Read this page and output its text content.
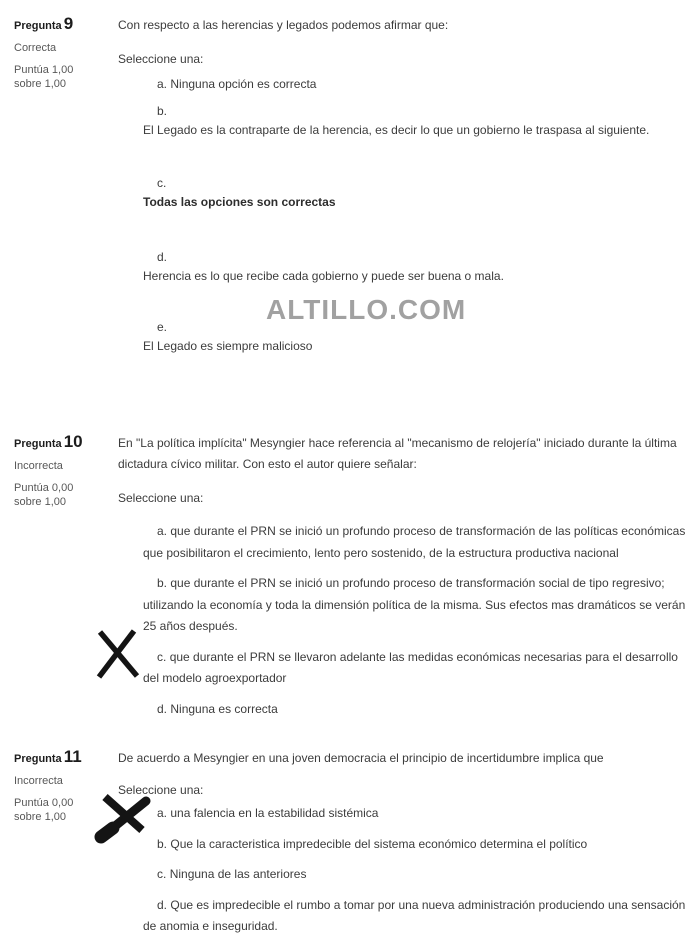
Pregunta 9
Correcta
Puntúa 1,00 sobre 1,00

Con respecto a las herencias y legados podemos afirmar que:

Seleccione una:

a. Ninguna opción es correcta
b.
El Legado es la contraparte de la herencia, es decir lo que un gobierno le traspasa al siguiente.
c.
Todas las opciones son correctas
d.
Herencia es lo que recibe cada gobierno y puede ser buena o mala.
e.
El Legado es siempre malicioso
ALTILLO.COM
Pregunta 10
Incorrecta
Puntúa 0,00 sobre 1,00

En "La política implícita" Mesyngier hace referencia al "mecanismo de relojería" iniciado durante la última dictadura cívico militar. Con esto el autor quiere señalar:

Seleccione una:

a. que durante el PRN se inició un profundo proceso de transformación de las políticas económicas que posibilitaron el crecimiento, lento pero sostenido, de la estructura productiva nacional
b. que durante el PRN se inició un profundo proceso de transformación social de tipo regresivo; utilizando la economía y toda la dimensión política de la misma. Sus efectos mas dramáticos se verán 25 años después.
c. que durante el PRN se llevaron adelante las medidas económicas necesarias para el desarrollo del modelo agroexportador
d. Ninguna es correcta
Pregunta 11
Incorrecta
Puntúa 0,00 sobre 1,00

De acuerdo a Mesyngier en una joven democracia el principio de incertidumbre implica que

Seleccione una:

a. una falencia en la estabilidad sistémica
b. Que la caracteristica impredecible del sistema económico determina el político
c. Ninguna de las anteriores
d. Que es impredecible el rumbo a tomar por una nueva administración produciendo una sensación de anomia e inseguridad.
